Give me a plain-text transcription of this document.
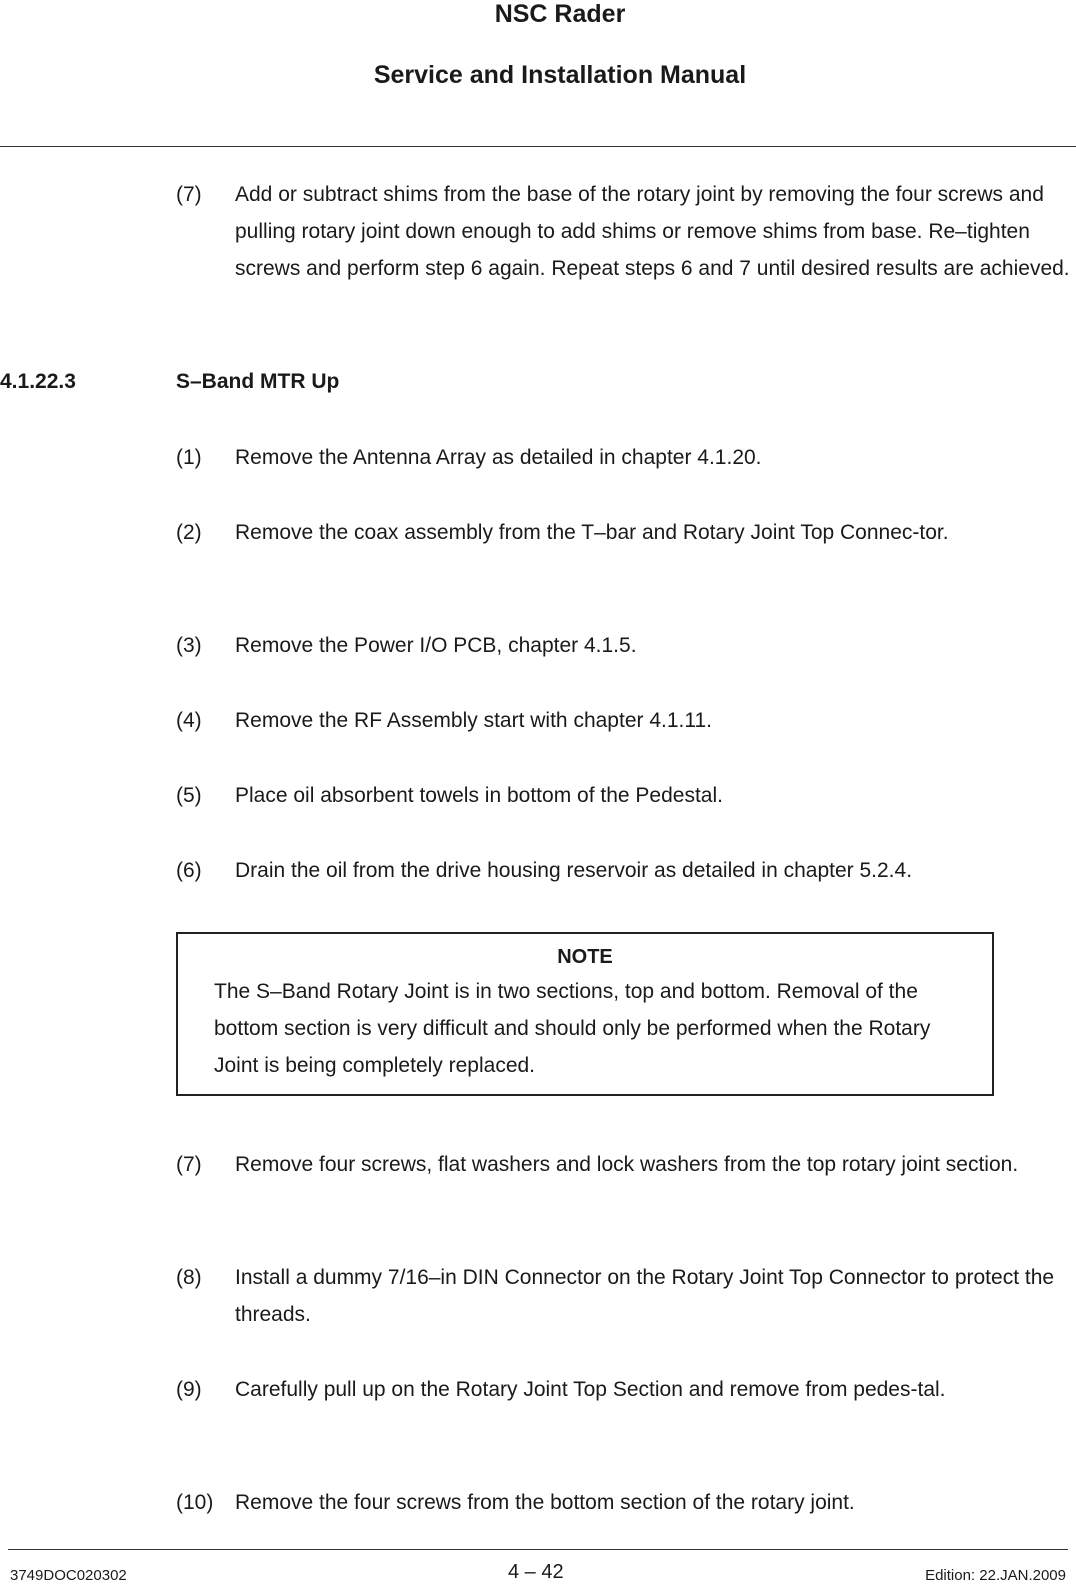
NSC Rader
Service and Installation Manual
(7)	Add or subtract shims from the base of the rotary joint by removing the four screws and pulling rotary joint down enough to add shims or remove shims from base. Re–tighten screws and perform step 6 again. Repeat steps 6 and 7 until desired results are achieved.
4.1.22.3	S–Band MTR Up
(1)	Remove the Antenna Array as detailed in chapter 4.1.20.
(2)	Remove the coax assembly from the T–bar and Rotary Joint Top Connec-tor.
(3)	Remove the Power I/O PCB, chapter 4.1.5.
(4)	Remove the RF Assembly start with chapter 4.1.11.
(5)	Place oil absorbent towels in bottom of the Pedestal.
(6)	Drain the oil from the drive housing reservoir as detailed in chapter 5.2.4.
NOTE
The S–Band Rotary Joint is in two sections, top and bottom. Removal of the bottom section is very difficult and should only be performed when the Rotary Joint is being completely replaced.
(7)	Remove four screws, flat washers and lock washers from the top rotary joint section.
(8)	Install a dummy 7/16–in DIN Connector on the Rotary Joint Top Connector to protect the threads.
(9)	Carefully pull up on the Rotary Joint Top Section and remove from pedes-tal.
(10)	Remove the four screws from the bottom section of the rotary joint.
3749DOC020302	4 – 42	Edition: 22.JAN.2009
